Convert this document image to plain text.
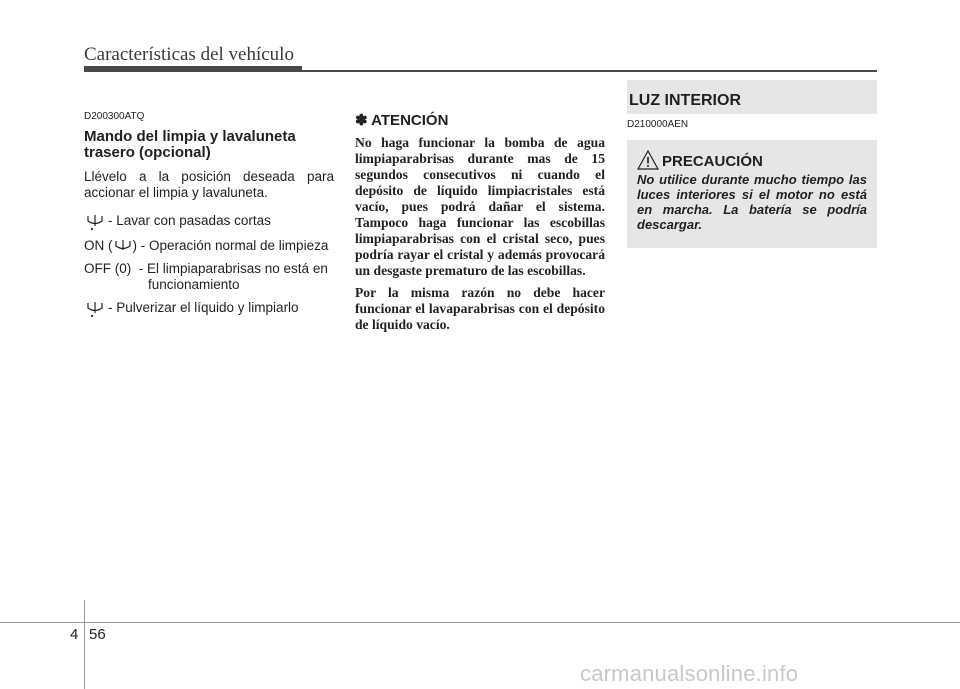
Características del vehículo
D200300ATQ
Mando del limpia y lavaluneta trasero (opcional)
Llévelo a la posición deseada para accionar el limpia y lavaluneta.
- Lavar con pasadas cortas
ON ( ) - Operación normal de limpieza
OFF (0)  - El limpiaparabrisas no está en
funcionamiento
- Pulverizar el líquido y limpiarlo
✽ ATENCIÓN

No haga funcionar la bomba de agua limpiaparabrisas durante mas de 15 segundos consecutivos ni cuando el depósito de líquido limpiacristales está vacío, pues podrá dañar el sistema. Tampoco haga funcionar las escobillas limpiaparabrisas con el cristal seco, pues podría rayar el cristal y además provocará un desgaste prematuro de las escobillas.

Por la misma razón no debe hacer funcionar el lavaparabrisas con el depósito de líquido vacío.

LUZ INTERIOR
D210000AEN
PRECAUCIÓN
No utilice durante mucho tiempo las luces interiores si el motor no está en marcha. La batería se podría descargar.
4 56
carmanualsonline.info
